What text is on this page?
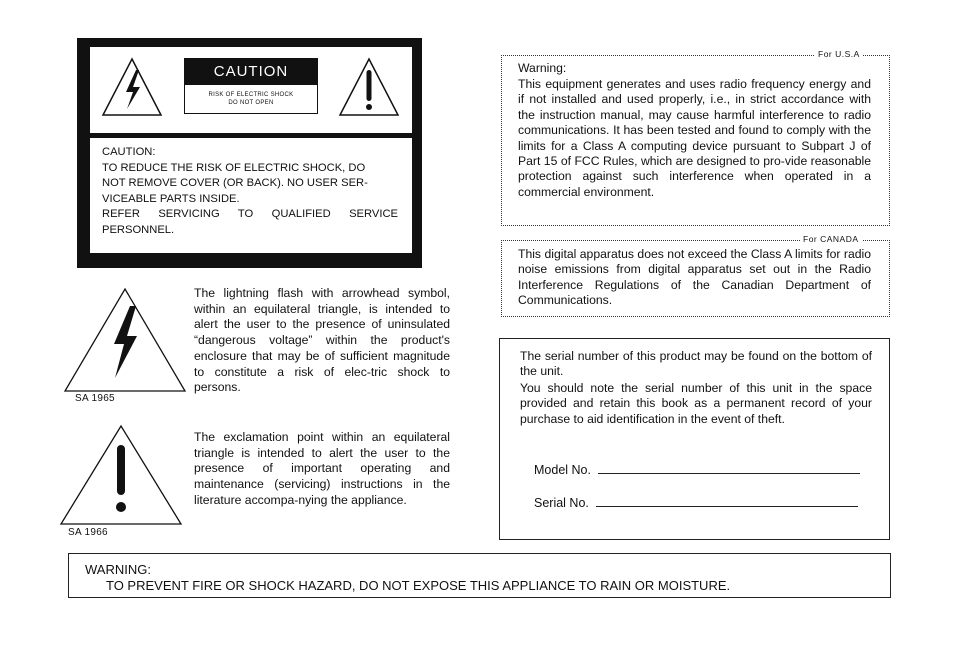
CAUTION
RISK OF ELECTRIC SHOCK
DO NOT OPEN
CAUTION:
TO REDUCE THE RISK OF ELECTRIC SHOCK, DO
NOT REMOVE COVER (OR BACK). NO USER SER-
VICEABLE PARTS INSIDE.
REFER SERVICING TO QUALIFIED SERVICE
PERSONNEL.
SA 1965
The lightning flash with arrowhead symbol, within an equilateral triangle, is intended to alert the user to the presence of uninsulated “dangerous voltage” within the product's enclosure that may be of sufficient magnitude to constitute a risk of elec-tric shock to persons.
SA 1966
The exclamation point within an equilateral triangle is intended to alert the user to the presence of important operating and maintenance (servicing) instructions in the literature accompa-nying the appliance.
For U.S.A
Warning:
This equipment generates and uses radio frequency energy and if not installed and used properly, i.e., in strict accordance with the instruction manual, may cause harmful interference to radio communications. It has been tested and found to comply with the limits for a Class A computing device pursuant to Subpart J of Part 15 of FCC Rules, which are designed to pro-vide reasonable protection against such interference when operated in a commercial environment.
For CANADA
This digital apparatus does not exceed the Class A limits for radio noise emissions from digital apparatus set out in the Radio Interference Regulations of the Canadian Department of Communications.
The serial number of this product may be found on the bottom of the unit.
You should note the serial number of this unit in the space provided and retain this book as a permanent record of your purchase to aid identification in the event of theft.
Model No.
Serial No.
WARNING:
TO PREVENT FIRE OR SHOCK HAZARD, DO NOT EXPOSE THIS APPLIANCE TO RAIN OR MOISTURE.
